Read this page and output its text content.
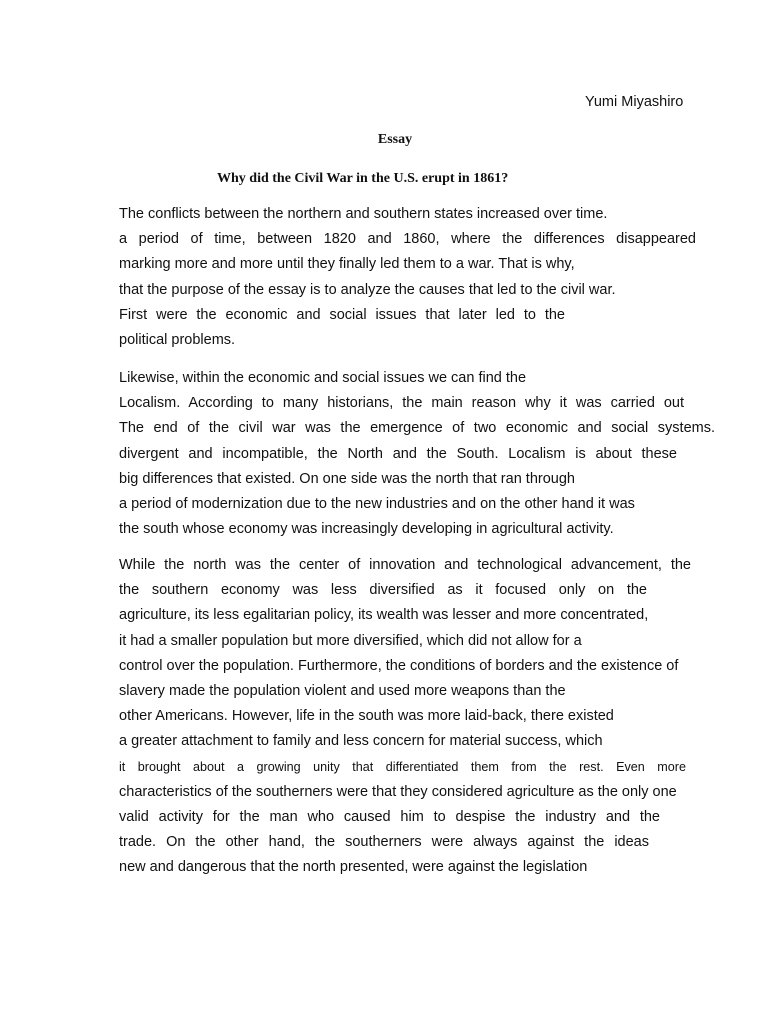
Yumi Miyashiro
Essay
Why did the Civil War in the U.S. erupt in 1861?
The conflicts between the northern and southern states increased over time.
a period of time, between 1820 and 1860, where the differences disappeared
marking more and more until they finally led them to a war. That is why,
that the purpose of the essay is to analyze the causes that led to the civil war.
First were the economic and social issues that later led to the
political problems.
Likewise, within the economic and social issues we can find the
Localism. According to many historians, the main reason why it was carried out
The end of the civil war was the emergence of two economic and social systems.
divergent and incompatible, the North and the South. Localism is about these
big differences that existed. On one side was the north that ran through
a period of modernization due to the new industries and on the other hand it was
the south whose economy was increasingly developing in agricultural activity.
While the north was the center of innovation and technological advancement, the
the southern economy was less diversified as it focused only on the
agriculture, its less egalitarian policy, its wealth was lesser and more concentrated,
it had a smaller population but more diversified, which did not allow for a
control over the population. Furthermore, the conditions of borders and the existence of
slavery made the population violent and used more weapons than the
other Americans. However, life in the south was more laid-back, there existed
a greater attachment to family and less concern for material success, which
it brought about a growing unity that differentiated them from the rest. Even more
characteristics of the southerners were that they considered agriculture as the only one
valid activity for the man who caused him to despise the industry and the
trade. On the other hand, the southerners were always against the ideas
new and dangerous that the north presented, were against the legislation
